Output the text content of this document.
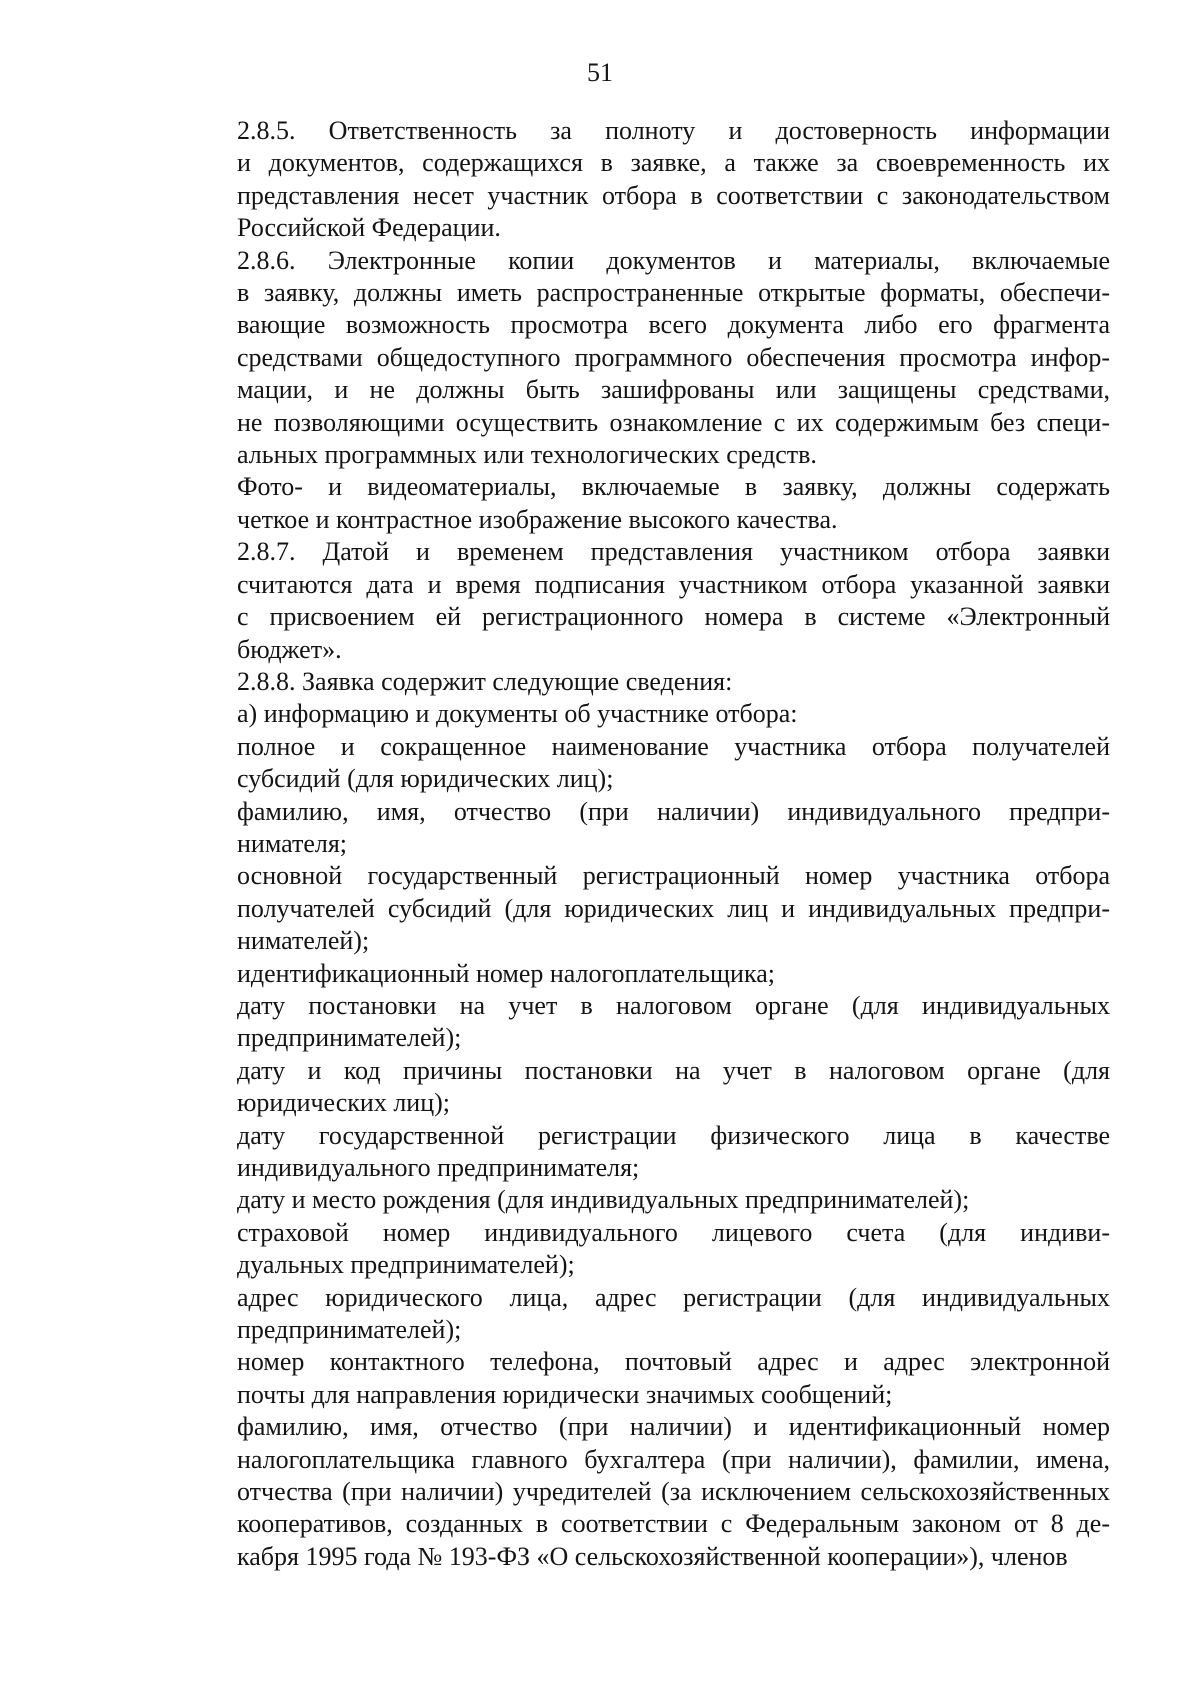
51

2.8.5. Ответственность за полноту и достоверность информации
и документов, содержащихся в заявке, а также за своевременность их
представления несет участник отбора в соответствии с законодательством
Российской Федерации.

2.8.6. Электронные копии документов и материалы, включаемые
в заявку, должны иметь распространенные открытые форматы, обеспечи-
вающие возможность просмотра всего документа либо его фрагмента
средствами общедоступного программного обеспечения просмотра инфор-
мации, и не должны быть зашифрованы или защищены средствами,
не позволяющими осуществить ознакомление с их содержимым без специ-
альных программных или технологических средств.

Фото- и видеоматериалы, включаемые в заявку, должны содержать
четкое и контрастное изображение высокого качества.

2.8.7. Датой и временем представления участником отбора заявки
считаются дата и время подписания участником отбора указанной заявки
с присвоением ей регистрационного номера в системе «Электронный
бюджет».

2.8.8. Заявка содержит следующие сведения:

а) информацию и документы об участнике отбора:

полное и сокращенное наименование участника отбора получателей
субсидий (для юридических лиц);

фамилию, имя, отчество (при наличии) индивидуального предпри-
нимателя;

основной государственный регистрационный номер участника отбора
получателей субсидий (для юридических лиц и индивидуальных предпри-
нимателей);

идентификационный номер налогоплательщика;

дату постановки на учет в налоговом органе (для индивидуальных
предпринимателей);

дату и код причины постановки на учет в налоговом органе (для
юридических лиц);

дату государственной регистрации физического лица в качестве
индивидуального предпринимателя;

дату и место рождения (для индивидуальных предпринимателей);

страховой номер индивидуального лицевого счета (для индиви-
дуальных предпринимателей);

адрес юридического лица, адрес регистрации (для индивидуальных
предпринимателей);

номер контактного телефона, почтовый адрес и адрес электронной
почты для направления юридически значимых сообщений;

фамилию, имя, отчество (при наличии) и идентификационный номер
налогоплательщика главного бухгалтера (при наличии), фамилии, имена,
отчества (при наличии) учредителей (за исключением сельскохозяйственных
кооперативов, созданных в соответствии с Федеральным законом от 8 де-
кабря 1995 года № 193-ФЗ «О сельскохозяйственной кооперации»), членов
